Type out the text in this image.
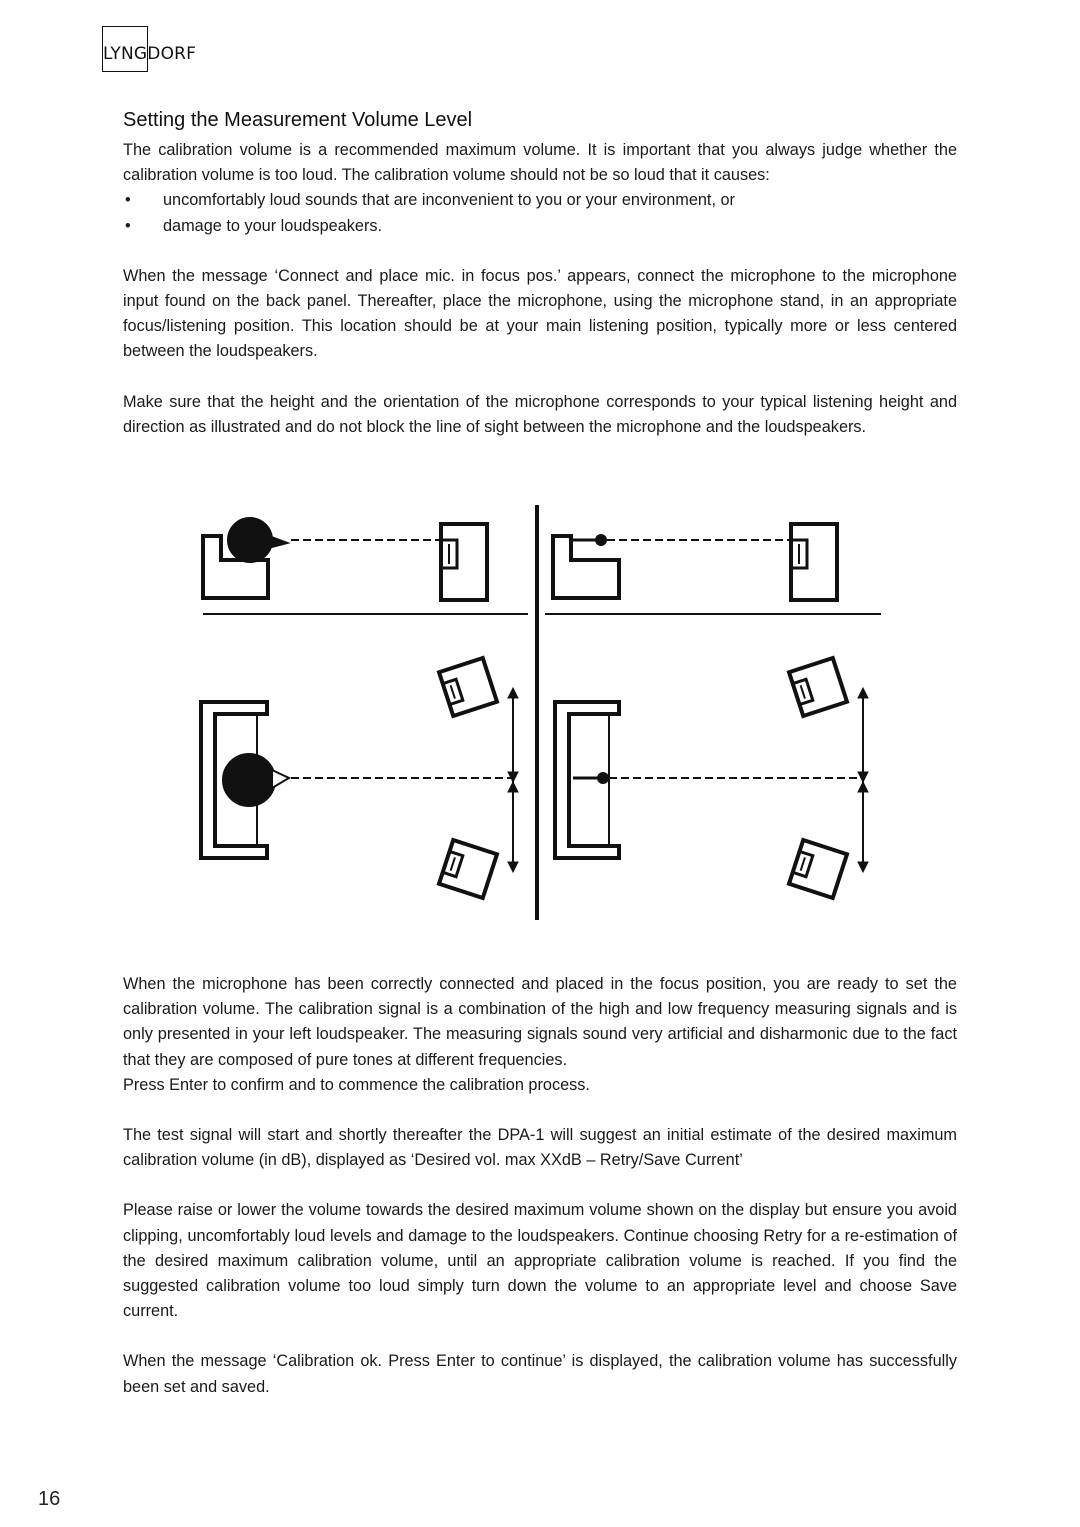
LYNGDORF
Setting the Measurement Volume Level

The calibration volume is a recommended maximum volume. It is important that you always judge whether the calibration volume is too loud. The calibration volume should not be so loud that it causes:

• uncomfortably loud sounds that are inconvenient to you or your environment, or
• damage to your loudspeakers.

When the message ‘Connect and place mic. in focus pos.’ appears, connect the microphone to the microphone input found on the back panel. Thereafter, place the microphone, using the microphone stand, in an appropriate focus/listening position. This location should be at your main listening position, typically more or less centered between the loudspeakers.

Make sure that the height and the orientation of the microphone corresponds to your typical listening height and direction as illustrated and do not block the line of sight between the microphone and the loudspeakers.

When the microphone has been correctly connected and placed in the focus position, you are ready to set the calibration volume. The calibration signal is a combination of the high and low frequency measuring signals and is only presented in your left loudspeaker. The measuring signals sound very artificial and disharmonic due to the fact that they are composed of pure tones at different frequencies.

Press Enter to confirm and to commence the calibration process.

The test signal will start and shortly thereafter the DPA-1 will suggest an initial estimate of the desired maximum calibration volume (in dB), displayed as ‘Desired vol. max XXdB – Retry/Save Current’

Please raise or lower the volume towards the desired maximum volume shown on the display but ensure you avoid clipping, uncomfortably loud levels and damage to the loudspeakers. Continue choosing Retry for a re-estimation of the desired maximum calibration volume, until an appropriate calibration volume is reached. If you find the suggested calibration volume too loud simply turn down the volume to an appropriate level and choose Save current.

When the message ‘Calibration ok. Press Enter to continue’ is displayed, the calibration volume has successfully been set and saved.

16
